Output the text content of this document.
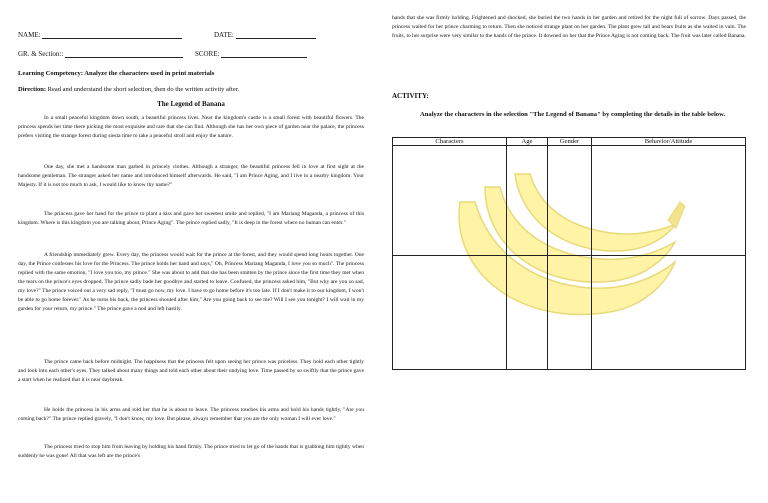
NAME:	DATE:
GR. & Section::	SCORE:
Learning Competency: Analyze the characters used in print materials
Direction: Read and understand the short selection, then do the written activity after.
The Legend of Banana

In a small peaceful kingdom down south, a beautiful princess lives. Near the kingdom's castle is a small forest with beautiful flowers. The princess spends her time there picking the most exquisite and rare that she can find. Although she has her own piece of garden near the palace, the princess prefers visiting the strange forest during siesta time to take a peaceful stroll and enjoy the nature.

One day, she met a handsome man garbed in princely clothes. Although a stranger, the beautiful princess fell in love at first sight at the handsome gentleman. The stranger asked her name and introduced himself afterwards. He said, "I am Prince Aging, and I live in a nearby kingdom. Your Majesty. If it is not too much to ask, I would like to know thy name?"

The princess gave her hand for the prince to plant a kiss and gave her sweetest smile and replied, "I am Mariang Maganda, a princess of this kingdom. Where is this kingdom you are talking about, Prince Aging". The prince replied sadly, "It is deep in the forest where no human can enter."

A friendship immediately grew. Every day, the princess would wait for the prince at the forest, and they would spend long hours together. One day, the Prince confesses his love for the Princess. The prince holds her hand and says," Oh, Princess Mariang Maganda, I love you so much". The princess replied with the same emotion, "I love you too, my prince." She was about to add that she has been smitten by the prince since the first time they met when the tears on the prince's eyes dropped. The prince sadly bade her goodbye and started to leave. Confused, the princess asked him, "But why are you so sad, my love?" The prince voiced out a very sad reply, "I must go now, my love. I have to go home before it's too late. If I don't make it to our kingdom, I won't be able to go home forever." As he turns his back, the princess shouted after him," Are you going back to see me? Will I see you tonight? I will wait in my garden for your return, my prince." The prince gave a nod and left hastily.

The prince came back before midnight. The happiness that the princess felt upon seeing her prince was priceless. They hold each other tightly and look into each other's eyes. They talked about many things and told each other about their undying love. Time passed by so swiftly that the prince gave a start when he realized that it is near daybreak.

He holds the princess in his arms and told her that he is about to leave. The princess touches his arms and hold his hands tightly, "Are you coming back?" The prince replied gravely, "I don't know, my love. But please, always remember that you are the only woman I will ever love."

The princess tried to stop him from leaving by holding his hand firmly. The prince tried to let go of the hands that is grabbing him tightly when suddenly he was gone! All that was left are the prince's

hands that she was firmly holding. Frightened and shocked, she buried the two hands in her garden and retired for the night full of sorrow. Days passed, the princess waited for her prince charming to return. Then she noticed strange plant on her garden. The plant grew tall and bears fruits as she waited in vain. The fruits, to her surprise were very similar to the hands of the prince. It downed on her that the Prince Aging is not coming back. The fruit was later called Banana.

ACTIVITY:
Analyze the characters in the selection "The Legend of Banana" by completing the details in the table below.
Characters	Age	Gender	Behavior/Attitude
